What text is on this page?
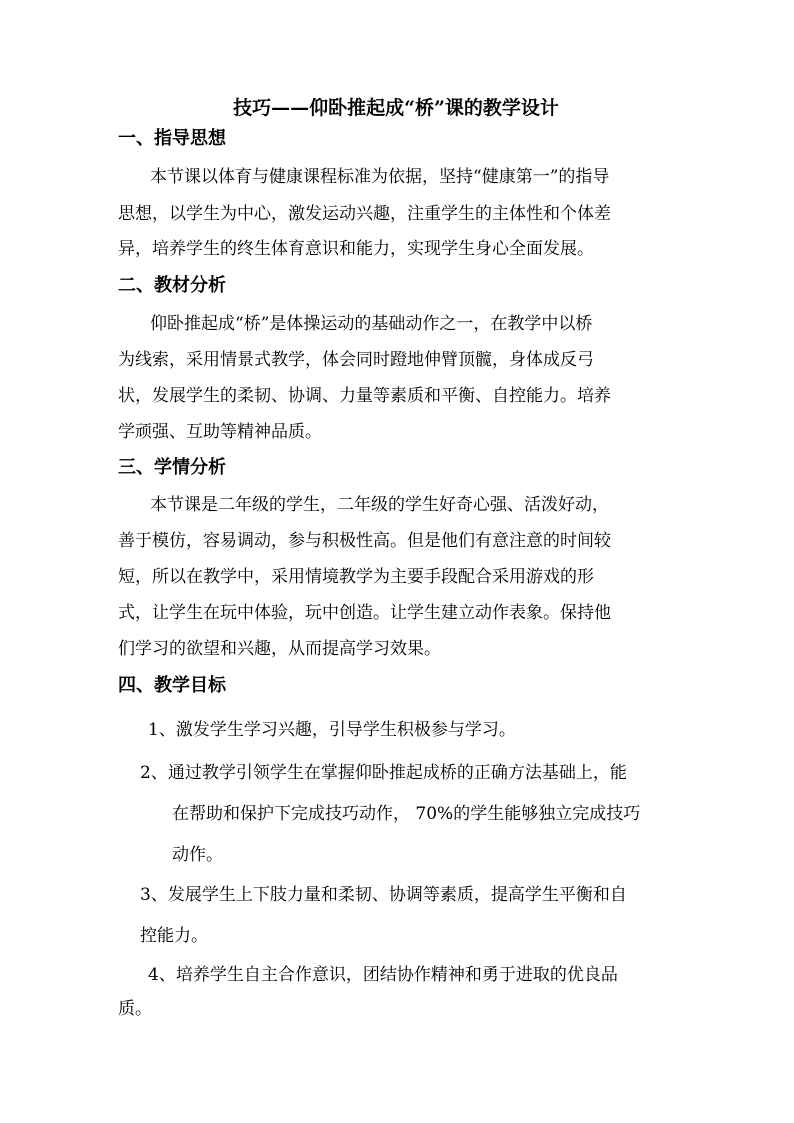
技巧——仰卧推起成“桥”课的教学设计
一、指导思想
本节课以体育与健康课程标准为依据，坚持“健康第一”的指导
思想，以学生为中心，激发运动兴趣，注重学生的主体性和个体差
异，培养学生的终生体育意识和能力，实现学生身心全面发展。
二、教材分析
仰卧推起成“桥”是体操运动的基础动作之一，在教学中以桥
为线索，采用情景式教学，体会同时蹬地伸臂顶髋，身体成反弓
状，发展学生的柔韧、协调、力量等素质和平衡、自控能力。培养
学顽强、互助等精神品质。
三、学情分析
本节课是二年级的学生，二年级的学生好奇心强、活泼好动，
善于模仿，容易调动，参与积极性高。但是他们有意注意的时间较
短，所以在教学中，采用情境教学为主要手段配合采用游戏的形
式，让学生在玩中体验，玩中创造。让学生建立动作表象。保持他
们学习的欲望和兴趣，从而提高学习效果。
四、教学目标
1、激发学生学习兴趣，引导学生积极参与学习。
2、通过教学引领学生在掌握仰卧推起成桥的正确方法基础上，能
在帮助和保护下完成技巧动作， 70%的学生能够独立完成技巧
动作。
3、发展学生上下肢力量和柔韧、协调等素质，提高学生平衡和自
控能力。
4、培养学生自主合作意识，团结协作精神和勇于进取的优良品
质。
